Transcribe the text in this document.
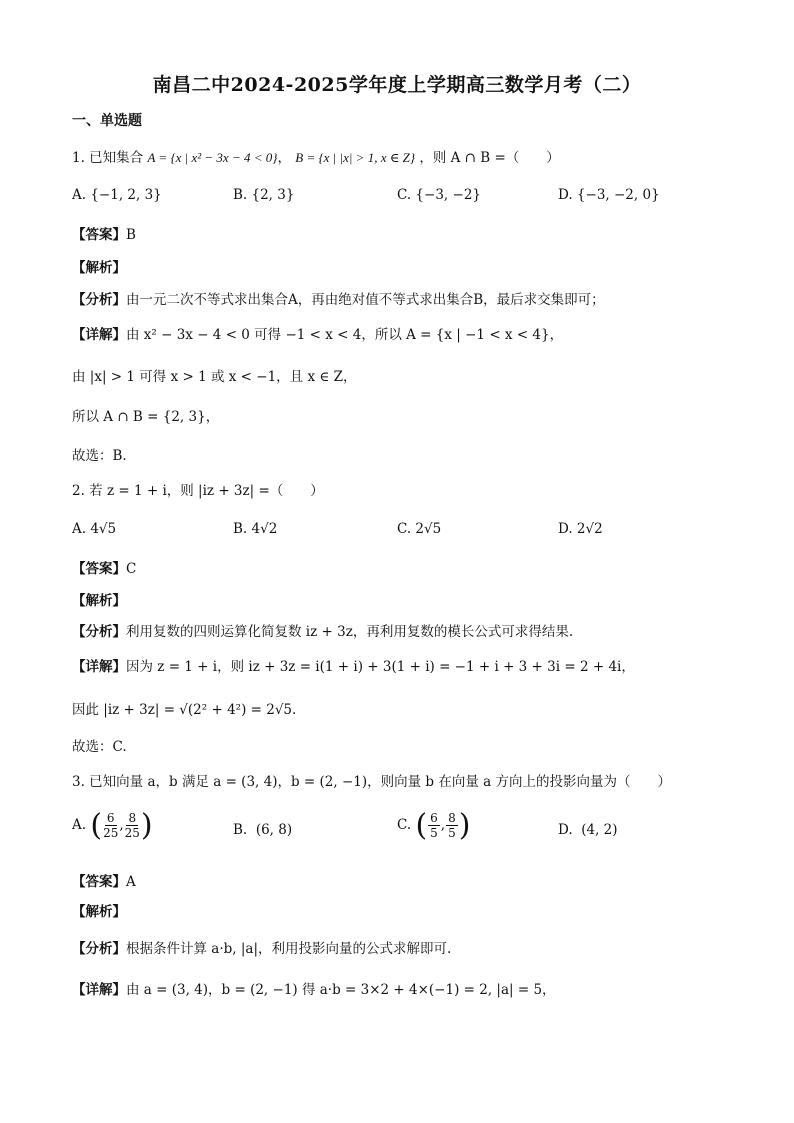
南昌二中2024-2025学年度上学期高三数学月考（二）
一、单选题
1. 已知集合 A = {x | x² − 3x − 4 < 0}， B = {x | |x| > 1, x ∈ Z} ，则 A ∩ B =（　　）
A. {−1, 2, 3}	B. {2, 3}	C. {−3, −2}	D. {−3, −2, 0}
【答案】B
【解析】
【分析】由一元二次不等式求出集合A，再由绝对值不等式求出集合B，最后求交集即可；
【详解】由 x² − 3x − 4 < 0 可得 −1 < x < 4，所以 A = {x | −1 < x < 4}，
由 |x| > 1 可得 x > 1 或 x < −1，且 x ∈ Z，
所以 A ∩ B = {2, 3}，
故选：B.
2. 若 z = 1 + i，则 |iz + 3z| =（　　）
A. 4√5	B. 4√2	C. 2√5	D. 2√2
【答案】C
【解析】
【分析】利用复数的四则运算化简复数 iz + 3z，再利用复数的模长公式可求得结果.
【详解】因为 z = 1 + i，则 iz + 3z = i(1 + i) + 3(1 + i) = −1 + i + 3 + 3i = 2 + 4i，
因此 |iz + 3z| = √(2² + 4²) = 2√5.
故选：C.
3. 已知向量 a，b 满足 a = (3, 4)，b = (2, −1)，则向量 b 在向量 a 方向上的投影向量为（　　）
A. ( $\frac{6}{25}$ , $\frac{8}{25}$ )	B. (6, 8)	C. ( $\frac{6}{5}$ , $\frac{8}{5}$ )	D. (4, 2)
【答案】A
【解析】
【分析】根据条件计算 a·b, |a|，利用投影向量的公式求解即可.
【详解】由 a = (3, 4)，b = (2, −1) 得 a·b = 3×2 + 4×(−1) = 2, |a| = 5，
